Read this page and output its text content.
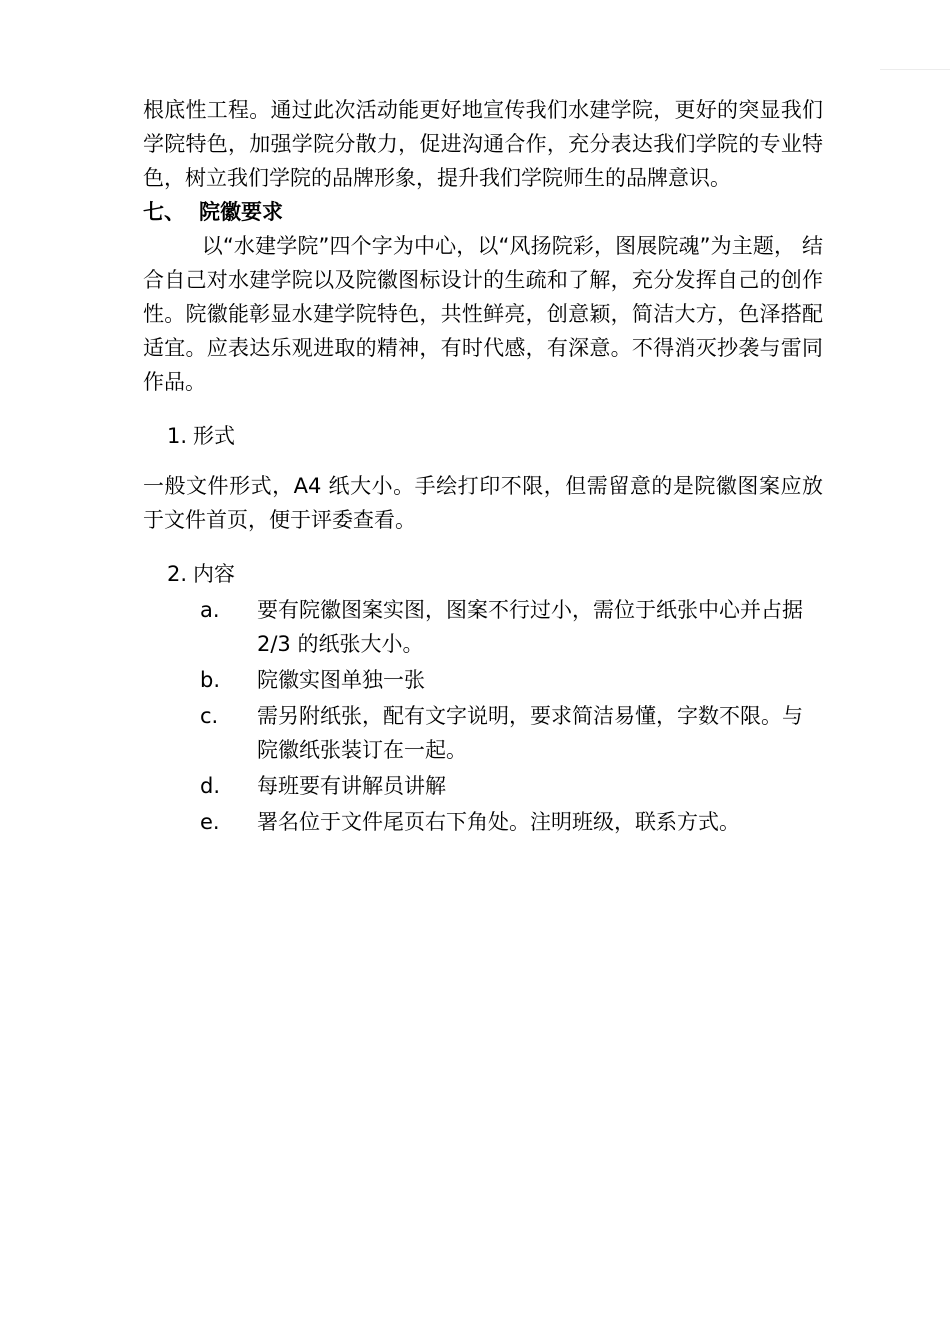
根底性工程。通过此次活动能更好地宣传我们水建学院，更好的突显我们学院特色，加强学院分散力，促进沟通合作，充分表达我们学院的专业特色，树立我们学院的品牌形象，提升我们学院师生的品牌意识。

七、 院徽要求

以“水建学院”四个字为中心，以“风扬院彩，图展院魂”为主题， 结合自己对水建学院以及院徽图标设计的生疏和了解，充分发挥自己的创作性。院徽能彰显水建学院特色，共性鲜亮，创意颖，简洁大方，色泽搭配适宜。应表达乐观进取的精神，有时代感，有深意。不得消灭抄袭与雷同作品。

1. 形式

一般文件形式，A4 纸大小。手绘打印不限，但需留意的是院徽图案应放于文件首页，便于评委查看。

2. 内容
a.	要有院徽图案实图，图案不行过小，需位于纸张中心并占据 2/3 的纸张大小。
b.	院徽实图单独一张
c.	需另附纸张，配有文字说明，要求简洁易懂，字数不限。与院徽纸张装订在一起。
d.	每班要有讲解员讲解
e.	署名位于文件尾页右下角处。注明班级，联系方式。
